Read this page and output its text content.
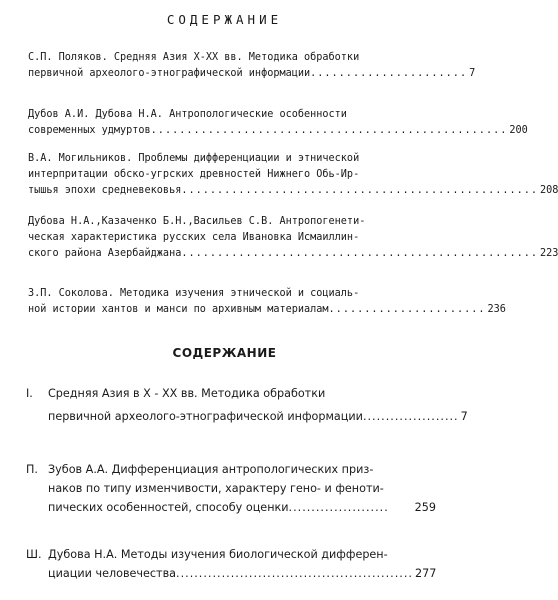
СОДЕРЖАНИЕ
С.П. Поляков. Средняя Азия Х-ХХ вв. Методика обработки
первичной археолого-этнографической информации ...................... 7
Дубов А.И. Дубова Н.А. Антропологические особенности
современных удмуртов .................................................. 200
В.А. Могильников. Проблемы дифференциации и этнической
интерпритации обско-угрских древностей Нижнего Обь-Ир-
тышья эпохи средневековья .................................................. 208
Дубова Н.А.,Казаченко Б.Н.,Васильев С.В. Антропогенети-
ческая характеристика русских села Ивановка Исмаиллин-
ского района Азербайджана .................................................. 223
З.П. Соколова. Методика изучения этнической и социаль-
ной истории хантов и манси по архивным материалам ...................... 236
СОДЕРЖАНИЕ
I.	Средняя Азия в Х - ХХ вв. Методика обработки
первичной археолого-этнографической информации ..................... 7
П. Зубов А.А. Дифференциация антропологических приз-
наков по типу изменчивости, характеру гено- и феноти-
пических особенностей, способу оценки ......................	259
Ш. Дубова Н.А. Методы изучения биологической дифферен-
циации человечества .................................................... 277
